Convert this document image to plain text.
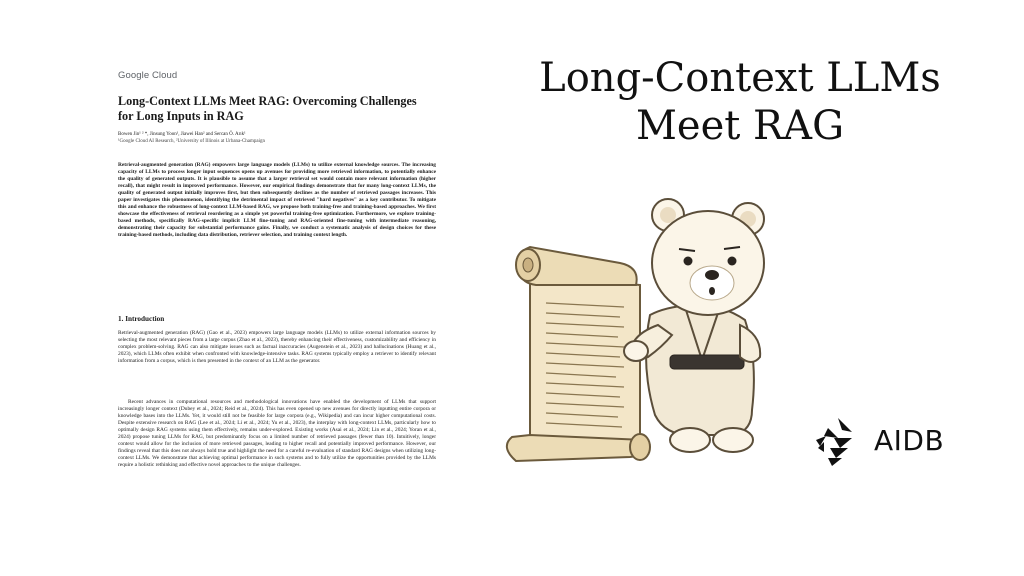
Google Cloud
Long-Context LLMs Meet RAG: Overcoming Challenges for Long Inputs in RAG
Bowen Jin¹ ² *, Jinsung Yoon¹, Jiawei Han² and Sercan Ö. Arık¹
¹Google Cloud AI Research, ²University of Illinois at Urbana-Champaign
Retrieval-augmented generation (RAG) empowers large language models (LLMs) to utilize external knowledge sources. The increasing capacity of LLMs to process longer input sequences opens up avenues for providing more retrieved information, to potentially enhance the quality of generated outputs. It is plausible to assume that a larger retrieval set would contain more relevant information (higher recall), that might result in improved performance. However, our empirical findings demonstrate that for many long-context LLMs, the quality of generated output initially improves first, but then subsequently declines as the number of retrieved passages increases. This paper investigates this phenomenon, identifying the detrimental impact of retrieved "hard negatives" as a key contributor. To mitigate this and enhance the robustness of long-context LLM-based RAG, we propose both training-free and training-based approaches. We first showcase the effectiveness of retrieval reordering as a simple yet powerful training-free optimization. Furthermore, we explore training-based methods, specifically RAG-specific implicit LLM fine-tuning and RAG-oriented fine-tuning with intermediate reasoning, demonstrating their capacity for substantial performance gains. Finally, we conduct a systematic analysis of design choices for these training-based methods, including data distribution, retriever selection, and training context length.
1. Introduction
Retrieval-augmented generation (RAG) (Gao et al., 2023) empowers large language models (LLMs) to utilize external information sources by selecting the most relevant pieces from a large corpus (Zhao et al., 2023), thereby enhancing their effectiveness, customizability and efficiency in complex problem-solving. RAG can also mitigate issues such as factual inaccuracies (Augenstein et al., 2023) and hallucinations (Huang et al., 2023), which LLMs often exhibit when confronted with knowledge-intensive tasks. RAG systems typically employ a retriever to identify relevant information from a corpus, which is then presented in the context of an LLM as the generator.
Recent advances in computational resources and methodological innovations have enabled the development of LLMs that support increasingly longer context (Dubey et al., 2024; Reid et al., 2024). This has even opened up new avenues for directly inputting entire corpora or knowledge bases into the LLMs. Yet, it would still not be feasible for large corpora (e.g., Wikipedia) and can incur higher computational costs. Despite extensive research on RAG (Lee et al., 2024; Li et al., 2024; Yu et al., 2023), the interplay with long-context LLMs, particularly how to optimally design RAG systems using them effectively, remains under-explored. Existing works (Asai et al., 2024; Lin et al., 2024; Yoran et al., 2024) propose tuning LLMs for RAG, but predominantly focus on a limited number of retrieved passages (fewer than 10). Intuitively, longer context would allow for the inclusion of more retrieved passages, leading to higher recall and potentially improved performance. However, our findings reveal that this does not always hold true and highlight the need for a careful re-evaluation of standard RAG designs when utilizing long-context LLMs. We demonstrate that achieving optimal performance in such systems and to fully utilize the opportunities provided by the LLMs require a holistic rethinking and effective novel approaches to the unique challenges.
Long-Context LLMs
Meet RAG
AIDB
